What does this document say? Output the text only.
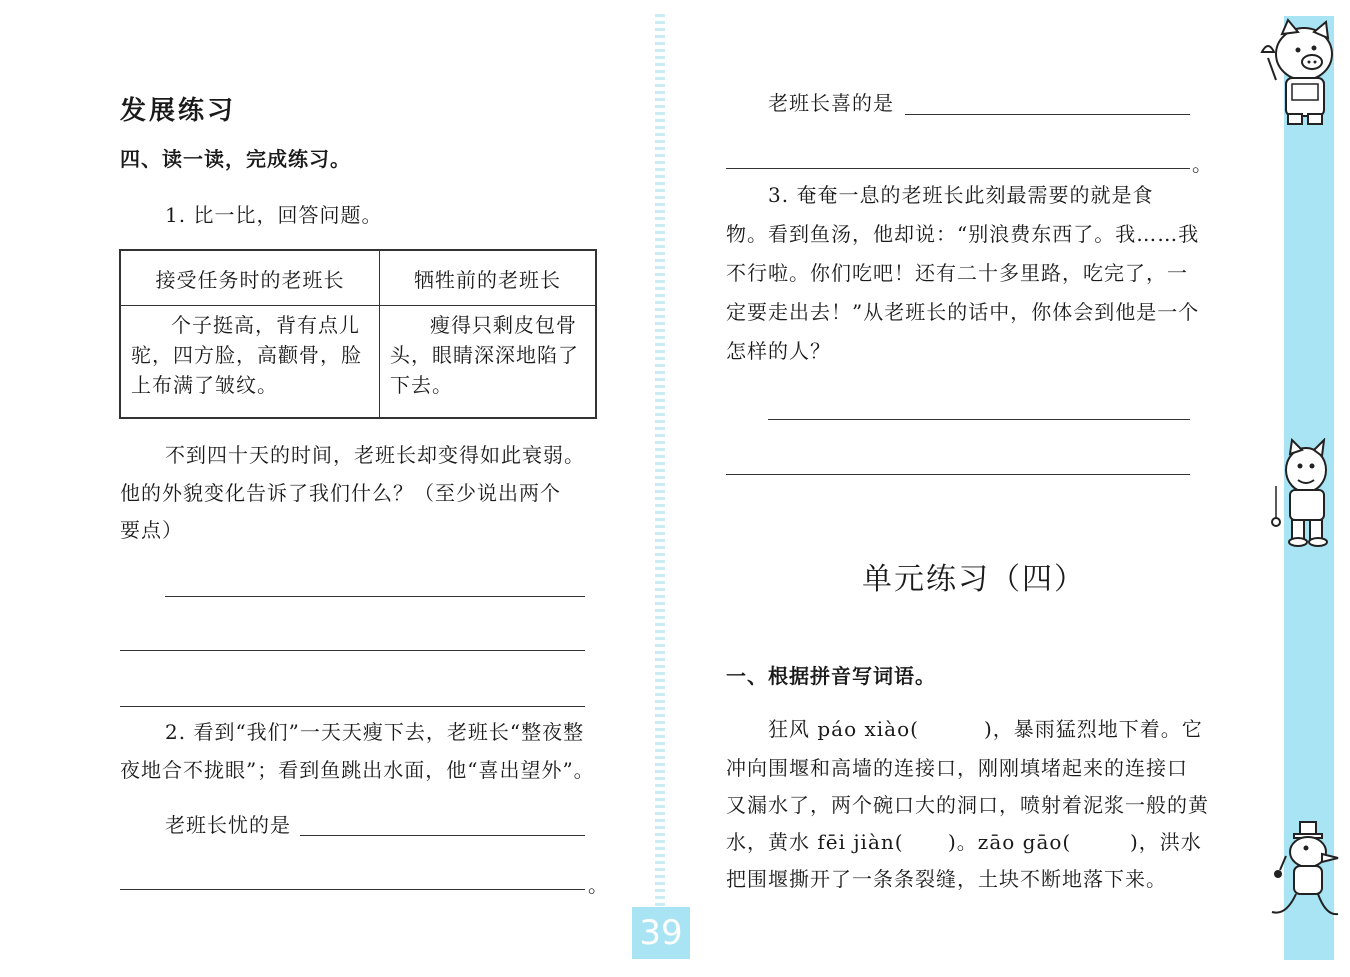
发展练习
四、读一读，完成练习。
1. 比一比，回答问题。
接受任务时的老班长	牺牲前的老班长
个子挺高，背有点儿驼，四方脸，高颧骨，脸上布满了皱纹。	瘦得只剩皮包骨头，眼睛深深地陷了下去。
不到四十天的时间，老班长却变得如此衰弱。
他的外貌变化告诉了我们什么？（至少说出两个
要点）
2. 看到“我们”一天天瘦下去，老班长“整夜整
夜地合不拢眼”；看到鱼跳出水面，他“喜出望外”。
老班长忧的是
。
老班长喜的是
。
3. 奄奄一息的老班长此刻最需要的就是食
物。看到鱼汤，他却说：“别浪费东西了。我……我
不行啦。你们吃吧！还有二十多里路，吃完了，一
定要走出去！”从老班长的话中，你体会到他是一个
怎样的人？
单元练习（四）
一、根据拼音写词语。
狂风 páo xiào(	)，暴雨猛烈地下着。它
冲向围堰和高墙的连接口，刚刚填堵起来的连接口
又漏水了，两个碗口大的洞口，喷射着泥浆一般的黄
水，黄水 fēi jiàn( )。zāo gāo(	)，洪水
把围堰撕开了一条条裂缝，土块不断地落下来。
39
